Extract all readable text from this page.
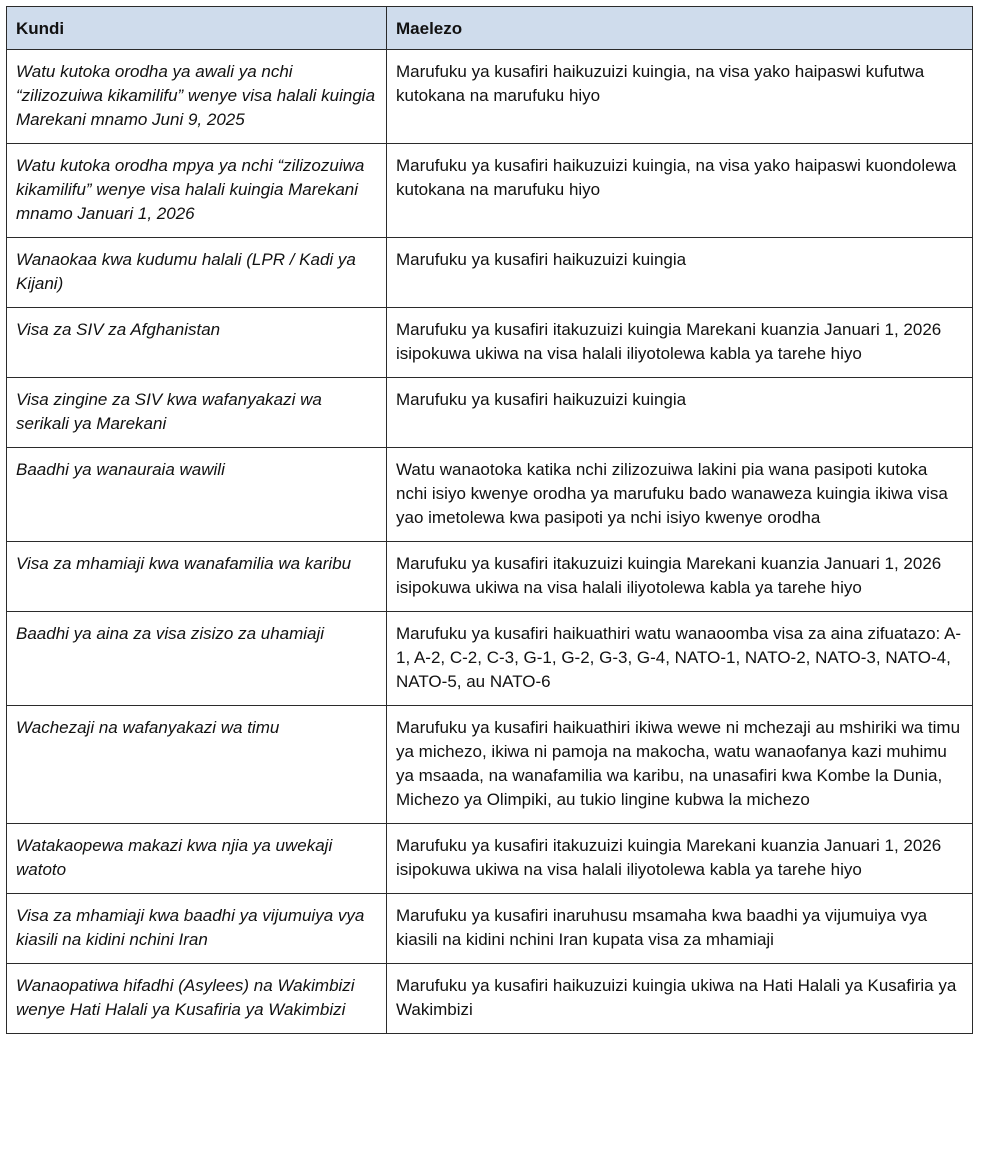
Kundi	Maelezo
Watu kutoka orodha ya awali ya nchi “zilizozuiwa kikamilifu” wenye visa halali kuingia Marekani mnamo Juni 9, 2025	Marufuku ya kusafiri haikuzuizi kuingia, na visa yako haipaswi kufutwa kutokana na marufuku hiyo
Watu kutoka orodha mpya ya nchi “zilizozuiwa kikamilifu” wenye visa halali kuingia Marekani mnamo Januari 1, 2026	Marufuku ya kusafiri haikuzuizi kuingia, na visa yako haipaswi kuondolewa kutokana na marufuku hiyo
Wanaokaa kwa kudumu halali (LPR / Kadi ya Kijani)	Marufuku ya kusafiri haikuzuizi kuingia
Visa za SIV za Afghanistan	Marufuku ya kusafiri itakuzuizi kuingia Marekani kuanzia Januari 1, 2026 isipokuwa ukiwa na visa halali iliyotolewa kabla ya tarehe hiyo
Visa zingine za SIV kwa wafanyakazi wa serikali ya Marekani	Marufuku ya kusafiri haikuzuizi kuingia
Baadhi ya wanauraia wawili	Watu wanaotoka katika nchi zilizozuiwa lakini pia wana pasipoti kutoka nchi isiyo kwenye orodha ya marufuku bado wanaweza kuingia ikiwa visa yao imetolewa kwa pasipoti ya nchi isiyo kwenye orodha
Visa za mhamiaji kwa wanafamilia wa karibu	Marufuku ya kusafiri itakuzuizi kuingia Marekani kuanzia Januari 1, 2026 isipokuwa ukiwa na visa halali iliyotolewa kabla ya tarehe hiyo
Baadhi ya aina za visa zisizo za uhamiaji	Marufuku ya kusafiri haikuathiri watu wanaoomba visa za aina zifuatazo: A-1, A-2, C-2, C-3, G-1, G-2, G-3, G-4, NATO-1, NATO-2, NATO-3, NATO-4, NATO-5, au NATO-6
Wachezaji na wafanyakazi wa timu	Marufuku ya kusafiri haikuathiri ikiwa wewe ni mchezaji au mshiriki wa timu ya michezo, ikiwa ni pamoja na makocha, watu wanaofanya kazi muhimu ya msaada, na wanafamilia wa karibu, na unasafiri kwa Kombe la Dunia, Michezo ya Olimpiki, au tukio lingine kubwa la michezo
Watakaopewa makazi kwa njia ya uwekaji watoto	Marufuku ya kusafiri itakuzuizi kuingia Marekani kuanzia Januari 1, 2026 isipokuwa ukiwa na visa halali iliyotolewa kabla ya tarehe hiyo
Visa za mhamiaji kwa baadhi ya vijumuiya vya kiasili na kidini nchini Iran	Marufuku ya kusafiri inaruhusu msamaha kwa baadhi ya vijumuiya vya kiasili na kidini nchini Iran kupata visa za mhamiaji
Wanaopatiwa hifadhi (Asylees) na Wakimbizi wenye Hati Halali ya Kusafiria ya Wakimbizi	Marufuku ya kusafiri haikuzuizi kuingia ukiwa na Hati Halali ya Kusafiria ya Wakimbizi
